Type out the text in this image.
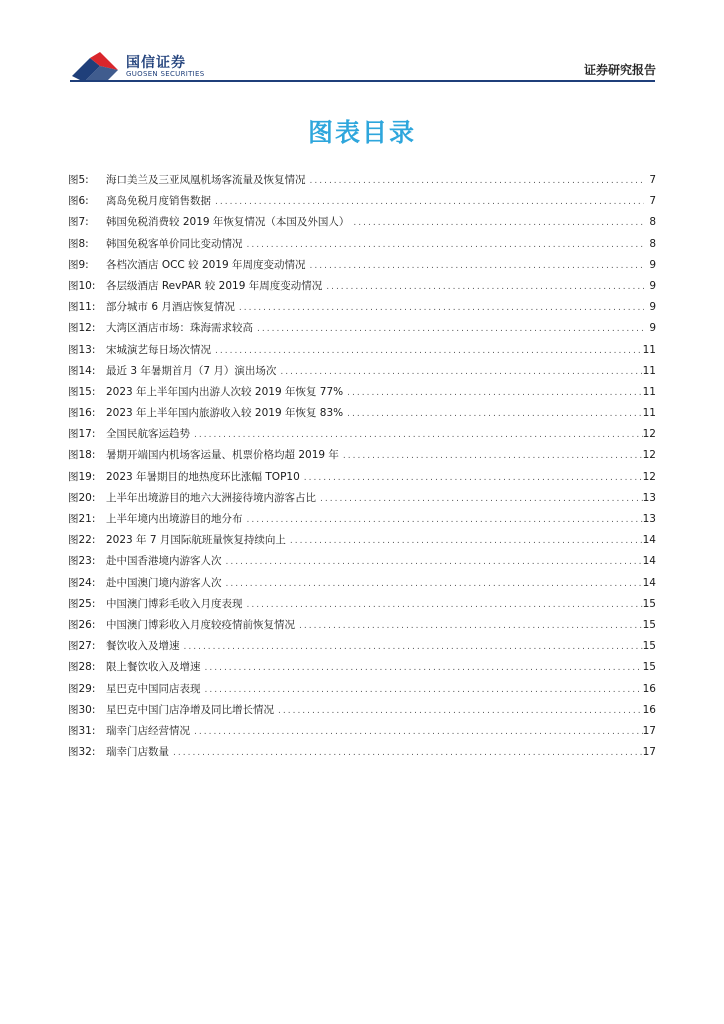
国信证券
GUOSEN SECURITIES	证券研究报告
图表目录
图5:	海口美兰及三亚凤凰机场客流量及恢复情况 .....	7
图6:	离岛免税月度销售数据 .....	7
图7:	韩国免税消费较 2019 年恢复情况（本国及外国人） .....	8
图8:	韩国免税客单价同比变动情况 .....	8
图9:	各档次酒店 OCC 较 2019 年周度变动情况 .....	9
图10:	各层级酒店 RevPAR 较 2019 年周度变动情况 .....	9
图11:	部分城市 6 月酒店恢复情况 .....	9
图12:	大湾区酒店市场：珠海需求较高 .....	9
图13:	宋城演艺每日场次情况 .....	11
图14:	最近 3 年暑期首月（7 月）演出场次 .....	11
图15:	2023 年上半年国内出游人次较 2019 年恢复 77% .....	11
图16:	2023 年上半年国内旅游收入较 2019 年恢复 83% .....	11
图17:	全国民航客运趋势 .....	12
图18:	暑期开端国内机场客运量、机票价格均超 2019 年 .....	12
图19:	2023 年暑期目的地热度环比涨幅 TOP10 .....	12
图20:	上半年出境游目的地六大洲接待境内游客占比 .....	13
图21:	上半年境内出境游目的地分布 .....	13
图22:	2023 年 7 月国际航班量恢复持续向上 .....	14
图23:	赴中国香港境内游客人次 .....	14
图24:	赴中国澳门境内游客人次 .....	14
图25:	中国澳门博彩毛收入月度表现 .....	15
图26:	中国澳门博彩收入月度较疫情前恢复情况 .....	15
图27:	餐饮收入及增速 .....	15
图28:	限上餐饮收入及增速 .....	15
图29:	星巴克中国同店表现 .....	16
图30:	星巴克中国门店净增及同比增长情况 .....	16
图31:	瑞幸门店经营情况 .....	17
图32:	瑞幸门店数量 .....	17
